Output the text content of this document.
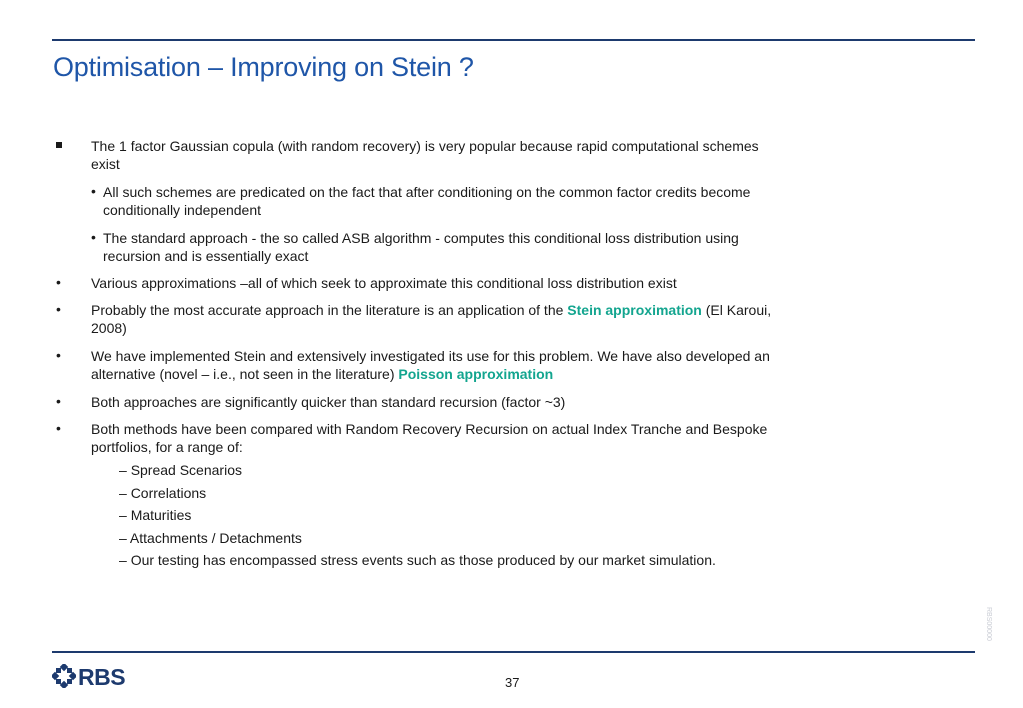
Optimisation – Improving on Stein ?
The 1 factor Gaussian copula (with random recovery) is very popular because rapid computational schemes
exist
• All such schemes are predicated on the fact that after conditioning on the common factor credits become
conditionally independent
• The standard approach - the so called ASB algorithm - computes this conditional loss distribution using
recursion and is essentially exact
• Various approximations –all of which seek to approximate this conditional loss distribution exist
• Probably the most accurate approach in the literature is an application of the Stein approximation (El Karoui,
2008)
• We have implemented Stein and extensively investigated its use for this problem. We have also developed an
alternative (novel – i.e., not seen in the literature) Poisson approximation
• Both approaches are significantly quicker than standard recursion (factor ~3)
• Both methods have been compared with Random Recovery Recursion on actual Index Tranche and Bespoke
portfolios, for a range of:
– Spread Scenarios
– Correlations
– Maturities
– Attachments / Detachments
– Our testing has encompassed stress events such as those produced by our market simulation.
RBS00000
RBS	37
